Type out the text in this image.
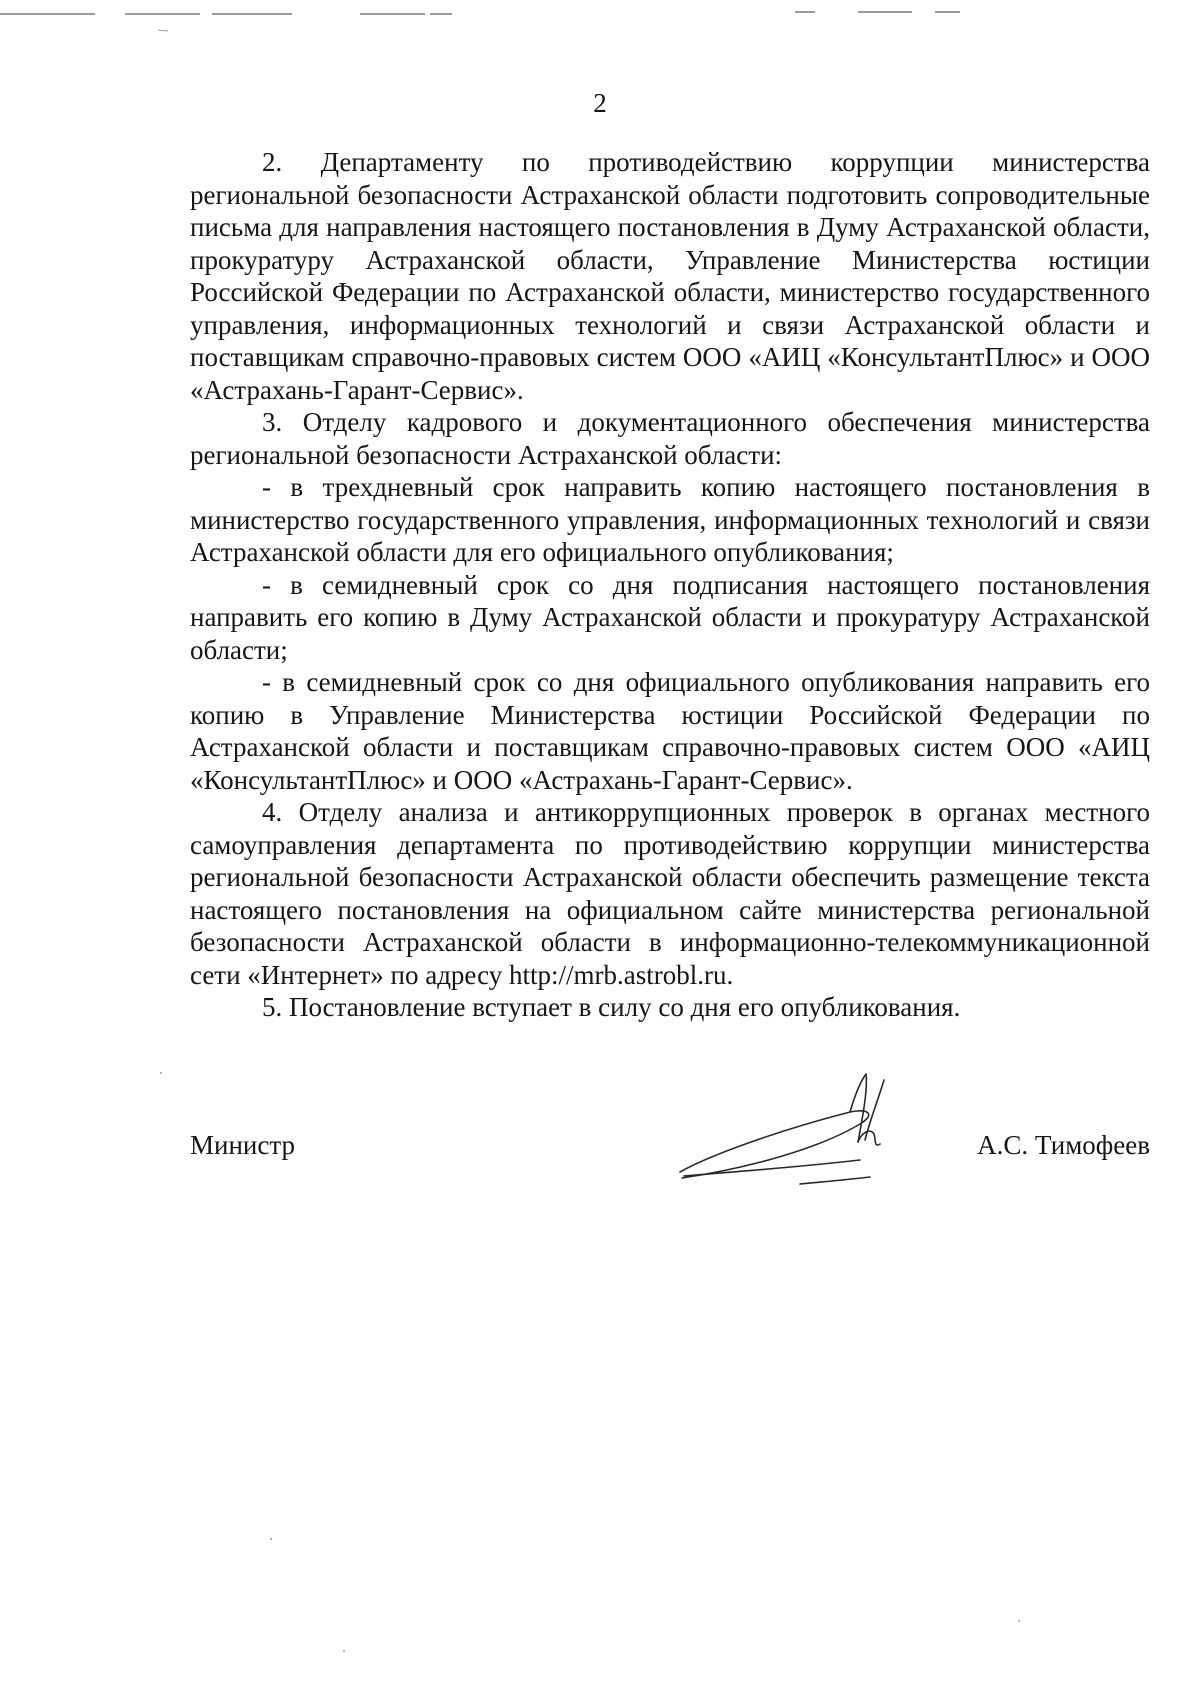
2

2. Департаменту по противодействию коррупции министерства региональной безопасности Астраханской области подготовить сопроводительные письма для направления настоящего постановления в Думу Астраханской области, прокуратуру Астраханской области, Управление Министерства юстиции Российской Федерации по Астраханской области, министерство государственного управления, информационных технологий и связи Астраханской области и поставщикам справочно-правовых систем ООО «АИЦ «КонсультантПлюс» и ООО «Астрахань-Гарант-Сервис».

3. Отделу кадрового и документационного обеспечения министерства региональной безопасности Астраханской области:

- в трехдневный срок направить копию настоящего постановления в министерство государственного управления, информационных технологий и связи Астраханской области для его официального опубликования;

- в семидневный срок со дня подписания настоящего постановления направить его копию в Думу Астраханской области и прокуратуру Астраханской области;

- в семидневный срок со дня официального опубликования направить его копию в Управление Министерства юстиции Российской Федерации по Астраханской области и поставщикам справочно-правовых систем ООО «АИЦ «КонсультантПлюс» и ООО «Астрахань-Гарант-Сервис».

4. Отделу анализа и антикоррупционных проверок в органах местного самоуправления департамента по противодействию коррупции министерства региональной безопасности Астраханской области обеспечить размещение текста настоящего постановления на официальном сайте министерства региональной безопасности Астраханской области в информационно-телекоммуникационной сети «Интернет» по адресу http://mrb.astrobl.ru.

5. Постановление вступает в силу со дня его опубликования.

Министр	А.С. Тимофеев
